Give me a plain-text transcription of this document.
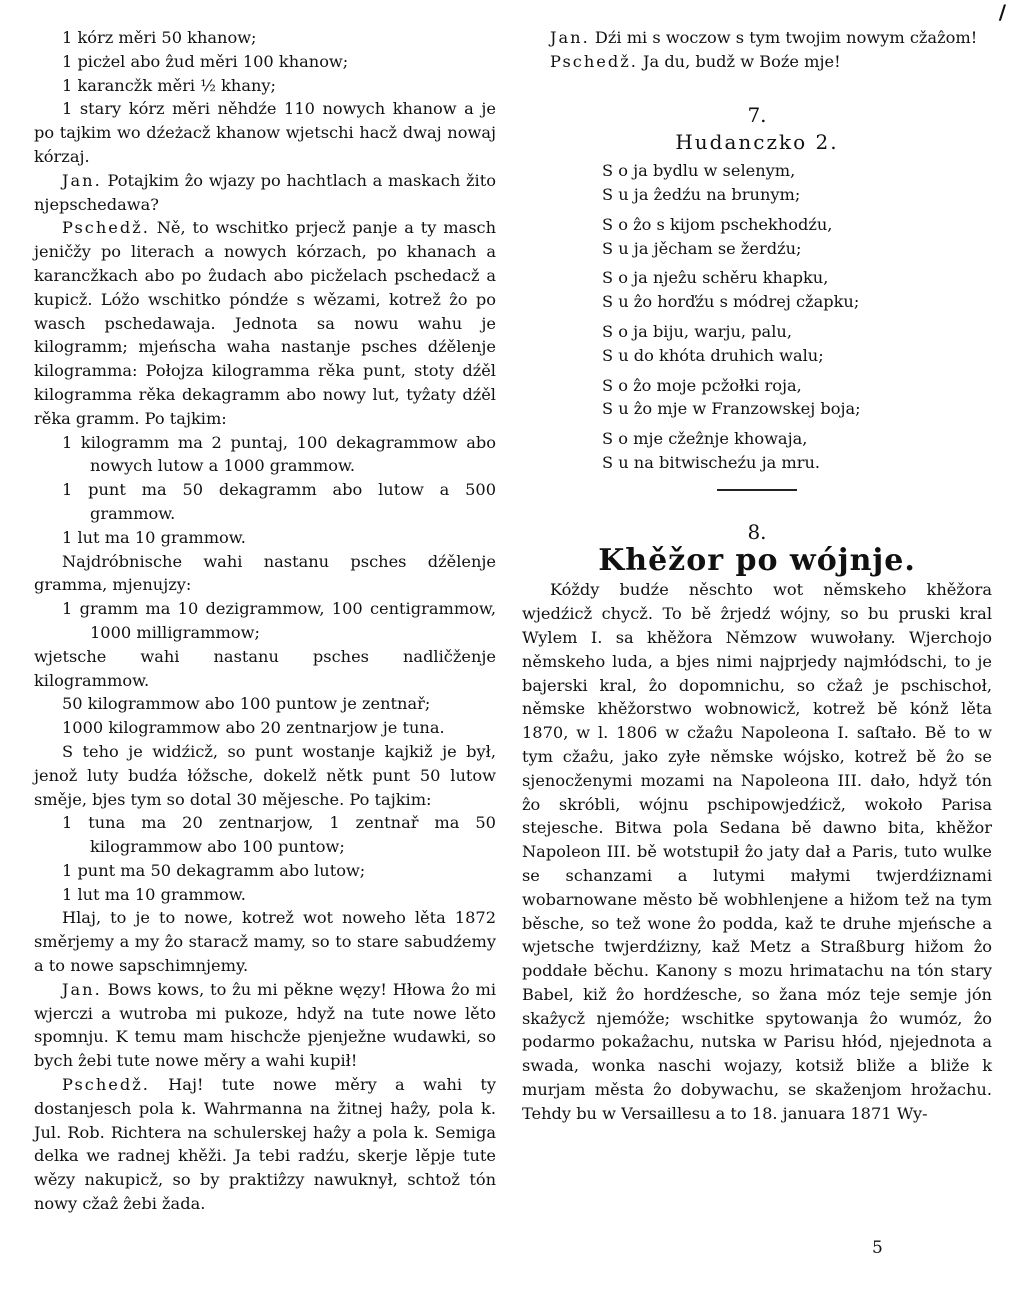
/

1 kórz měri 50 khanow;

1 picżel abo ẑud měri 100 khanow;

1 karancžk měri ½ khany;

1 stary kórz měri něhdźe 110 nowych khanow a je po tajkim wo dźeżacž khanow wjetschi hacž dwaj nowaj kórzaj.

Jan. Potajkim ẑo wjazy po hachtlach a maskach žito njepschedawa?

Pschedž. Ně, to wschitko prjecž panje a ty masch jeničžy po literach a nowych kórzach, po khanach a karancžkach abo po ẑudach abo picželach pschedacž a kupicž. Lóžo wschitko póndźe s wězami, kotrež ẑo po wasch pschedawaja. Jednota sa nowu wahu je kilogramm; mjeńscha waha nastanje psches dźělenje kilogramma: Połojza kilogramma rěka punt, stoty dźěl kilogramma rěka dekagramm abo nowy lut, tyẑaty dźěl rěka gramm. Po tajkim:

1 kilogramm ma 2 puntaj, 100 dekagrammow abo nowych lutow a 1000 grammow.

1 punt ma 50 dekagramm abo lutow a 500 grammow.

1 lut ma 10 grammow.

Najdróbnische wahi nastanu psches dźělenje gramma, mjenujzy:

1 gramm ma 10 dezigrammow, 100 centigrammow, 1000 milligrammow;

wjetsche wahi nastanu psches nadličženje kilogrammow.

50 kilogrammow abo 100 puntow je zentnař;

1000 kilogrammow abo 20 zentnarjow je tuna.

S teho je widźicž, so punt wostanje kajkiž je był, jenož luty budźa łóžsche, dokelž nětk punt 50 lutow směje, bjes tym so dotal 30 mějesche. Po tajkim:

1 tuna ma 20 zentnarjow, 1 zentnař ma 50 kilogrammow abo 100 puntow;

1 punt ma 50 dekagramm abo lutow;

1 lut ma 10 grammow.

Hlaj, to je to nowe, kotrež wot noweho lěta 1872 směrjemy a my ẑo staracž mamy, so to stare sabudźemy a to nowe sapschimnjemy.

Jan. Bows kows, to ẑu mi pěkne węzy! Hłowa ẑo mi wjerczi a wutroba mi pukoze, hdyž na tute nowe lěto spomnju. K temu mam hischcže pjenježne wudawki, so bych ẑebi tute nowe měry a wahi kupił!

Pschedž. Haj! tute nowe měry a wahi ty dostanjesch pola k. Wahrmanna na žitnej haẑy, pola k. Jul. Rob. Richtera na schulerskej haẑy a pola k. Semiga delka we radnej khěži. Ja tebi radźu, skerje lěpje tute wězy nakupicž, so by praktiẑzy nawuknył, schtož tón nowy cžaẑ ẑebi žada.

Jan. Dźi mi s woczow s tym twojim nowym cžaẑom!

Pschedž. Ja du, budž w Boźe mje!

7.

Hudanczko 2.

S o ja bydlu w selenym,
S u ja ẑedźu na brunym;
S o ẑo s kijom pschekhodźu,
S u ja jěcham se žerdźu;
S o ja njeẑu schěru khapku,
S u ẑo horďźu s módrej cžapku;
S o ja biju, warju, palu,
S u do khóta druhich walu;
S o ẑo moje pcžołki roja,
S u ẑo mje w Franzowskej boja;
S o mje cžeẑnje khowaja,
S u na bitwischeźu ja mru.

8.

Khěžor po wójnje.

Kóždy budźe něschto wot němskeho khěžora wjedźicž chycž. To bě ẑrjedź wójny, so bu pruski kral Wylem I. sa khěžora Němzow wuwołany. Wjerchojo němskeho luda, a bjes nimi najprjedy najmłódschi, to je bajerski kral, ẑo dopomnichu, so cžaẑ je pschischoł, němske khěžorstwo wobnowicž, kotrež bě kónž lěta 1870, w l. 1806 w cžaẑu Napoleona I. saſtało. Bě to w tym cžaẑu, jako zyłe němske wójsko, kotrež bě ẑo se sjenocženymi mozami na Napoleona III. dało, hdyž tón ẑo skróbli, wójnu pschipowjedźicž, wokoło Parisa stejesche. Bitwa pola Sedana bě dawno bita, khěžor Napoleon III. bě wotstupił ẑo jaty dał a Paris, tuto wulke se schanzami a lutymi małymi twjerdźiznami wobarnowane město bě wobhlenjene a hižom tež na tym běsche, so tež wone ẑo podda, kaž te druhe mjeńsche a wjetsche twjerdźizny, kaž Metz a Straßburg hižom ẑo poddałe běchu. Kanony s mozu hrimatachu na tón stary Babel, kiž ẑo hordźesche, so žana móz teje semje jón skaẑycž njemóže; wschitke spytowanja ẑo wumóz, ẑo podarmo pokaẑachu, nutska w Parisu hłód, njejednota a swada, wonka naschi wojazy, kotsiž bliže a bliže k murjam města ẑo dobywachu, se skaženjom hrožachu. Tehdy bu w Versaillesu a to 18. januara 1871 Wy-

5
